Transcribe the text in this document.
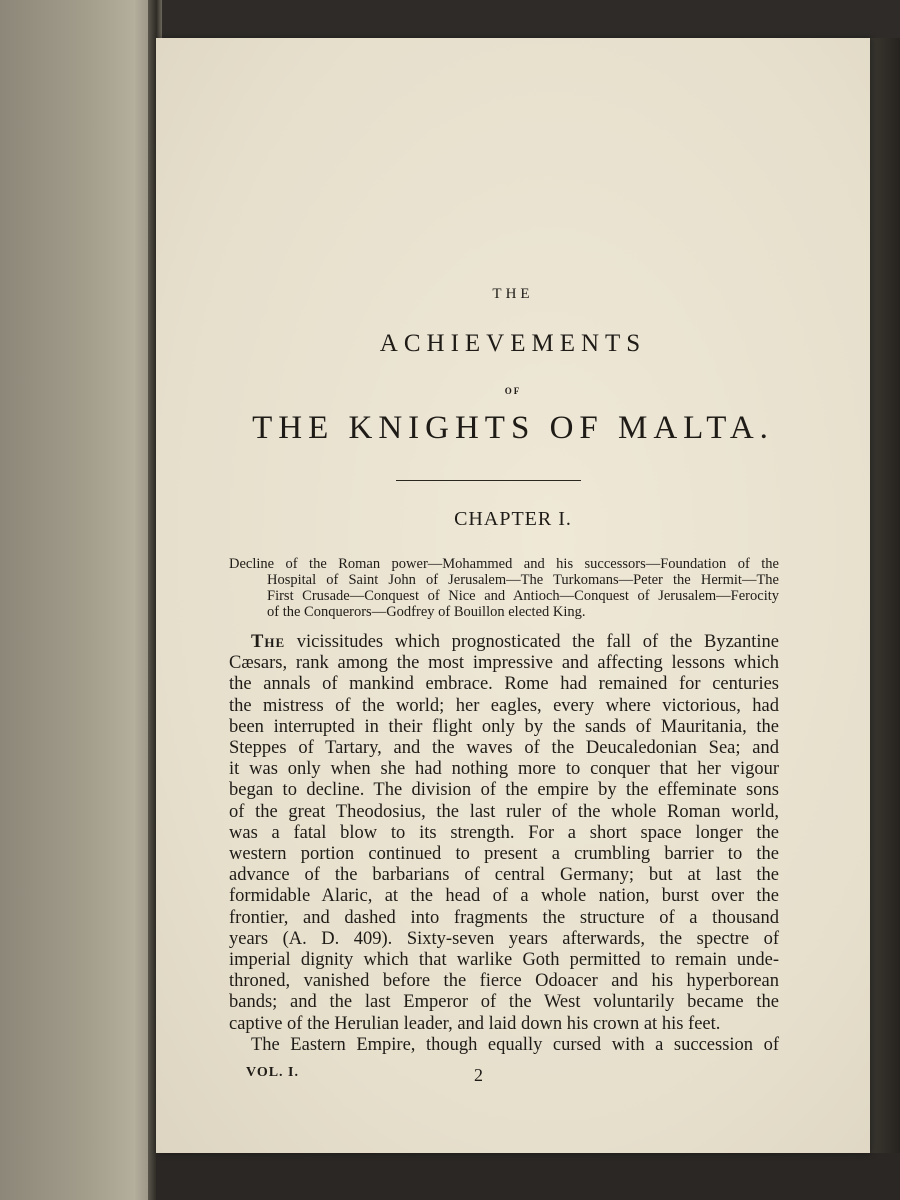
THE
ACHIEVEMENTS
OF
THE KNIGHTS OF MALTA.
CHAPTER I.
Decline of the Roman power—Mohammed and his successors—Foundation of the
Hospital of Saint John of Jerusalem—The Turkomans—Peter the Hermit—The
First Crusade—Conquest of Nice and Antioch—Conquest of Jerusalem—Ferocity
of the Conquerors—Godfrey of Bouillon elected King.
The vicissitudes which prognosticated the fall of the Byzantine
Cæsars, rank among the most impressive and affecting lessons which
the annals of mankind embrace. Rome had remained for centuries
the mistress of the world; her eagles, every where victorious, had
been interrupted in their flight only by the sands of Mauritania, the
Steppes of Tartary, and the waves of the Deucaledonian Sea; and
it was only when she had nothing more to conquer that her vigour
began to decline. The division of the empire by the effeminate sons
of the great Theodosius, the last ruler of the whole Roman world,
was a fatal blow to its strength. For a short space longer the
western portion continued to present a crumbling barrier to the
advance of the barbarians of central Germany; but at last the
formidable Alaric, at the head of a whole nation, burst over the
frontier, and dashed into fragments the structure of a thousand
years (A. D. 409). Sixty-seven years afterwards, the spectre of
imperial dignity which that warlike Goth permitted to remain unde-
throned, vanished before the fierce Odoacer and his hyperborean
bands; and the last Emperor of the West voluntarily became the
captive of the Herulian leader, and laid down his crown at his feet.
The Eastern Empire, though equally cursed with a succession of
VOL. I.	2
